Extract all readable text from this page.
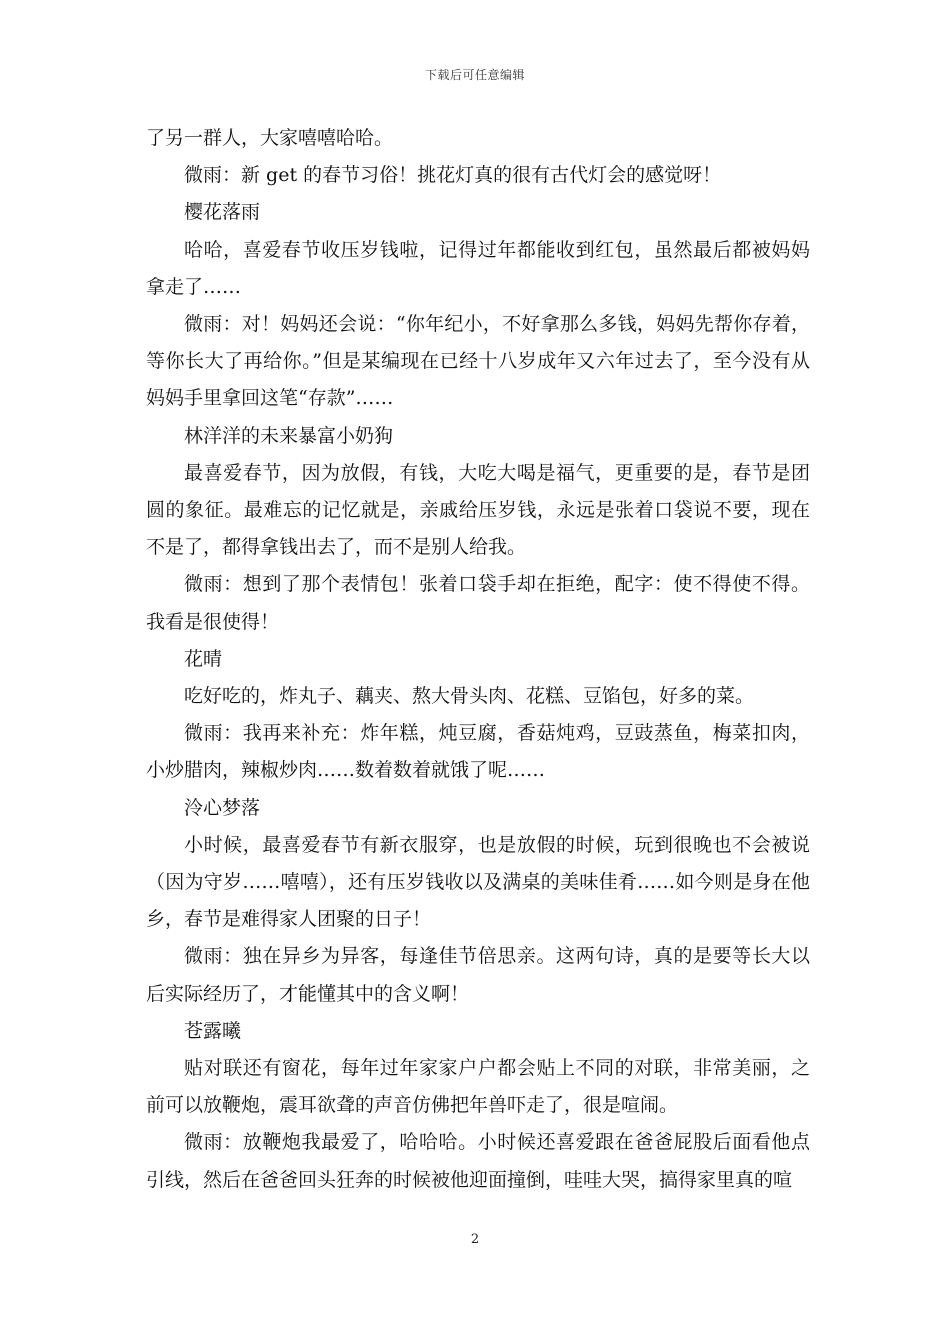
下载后可任意编辑

了另一群人，大家嘻嘻哈哈。

微雨：新 get 的春节习俗！挑花灯真的很有古代灯会的感觉呀！

樱花落雨

哈哈，喜爱春节收压岁钱啦，记得过年都能收到红包，虽然最后都被妈妈拿走了……

微雨：对！妈妈还会说：“你年纪小，不好拿那么多钱，妈妈先帮你存着，等你长大了再给你。”但是某编现在已经十八岁成年又六年过去了，至今没有从妈妈手里拿回这笔“存款”……

林洋洋的未来暴富小奶狗

最喜爱春节，因为放假，有钱，大吃大喝是福气，更重要的是，春节是团圆的象征。最难忘的记忆就是，亲戚给压岁钱，永远是张着口袋说不要，现在不是了，都得拿钱出去了，而不是别人给我。

微雨：想到了那个表情包！张着口袋手却在拒绝，配字：使不得使不得。我看是很使得！

花晴

吃好吃的，炸丸子、藕夹、熬大骨头肉、花糕、豆馅包，好多的菜。

微雨：我再来补充：炸年糕，炖豆腐，香菇炖鸡，豆豉蒸鱼，梅菜扣肉，小炒腊肉，辣椒炒肉……数着数着就饿了呢……

泠心梦落

小时候，最喜爱春节有新衣服穿，也是放假的时候，玩到很晚也不会被说（因为守岁……嘻嘻），还有压岁钱收以及满桌的美味佳肴……如今则是身在他乡，春节是难得家人团聚的日子！

微雨：独在异乡为异客，每逢佳节倍思亲。这两句诗，真的是要等长大以后实际经历了，才能懂其中的含义啊！

苍露曦

贴对联还有窗花，每年过年家家户户都会贴上不同的对联，非常美丽，之前可以放鞭炮，震耳欲聋的声音仿佛把年兽吓走了，很是喧闹。

微雨：放鞭炮我最爱了，哈哈哈。小时候还喜爱跟在爸爸屁股后面看他点引线，然后在爸爸回头狂奔的时候被他迎面撞倒，哇哇大哭，搞得家里真的喧

2
